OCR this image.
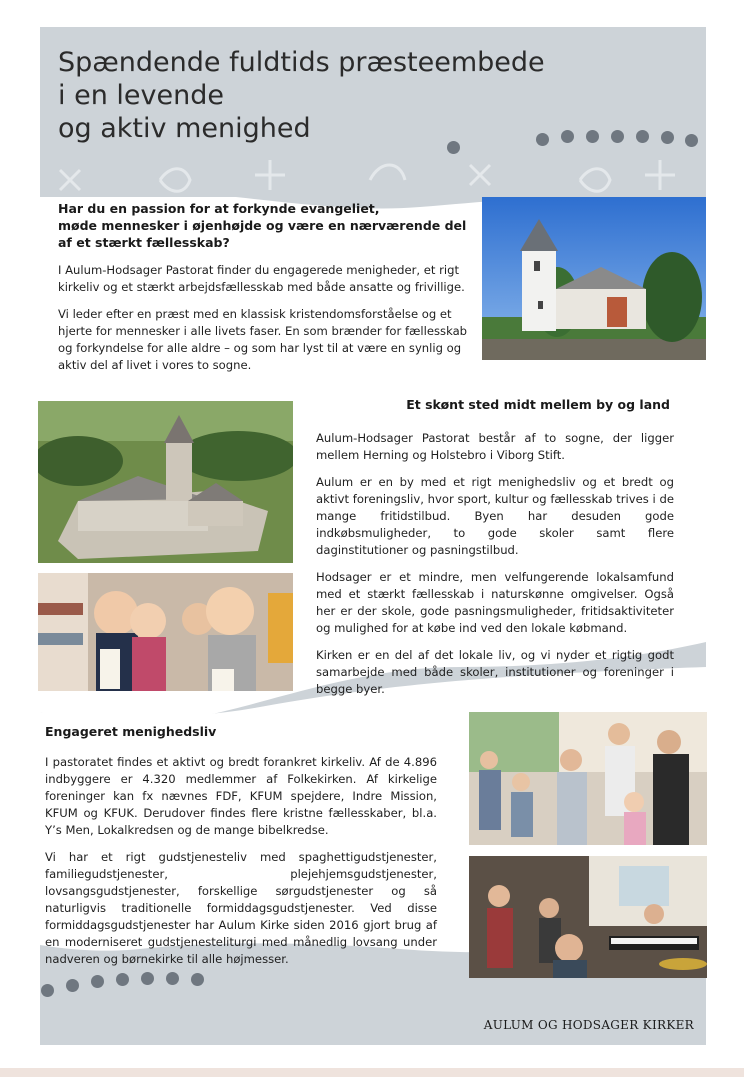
Spændende fuldtids præsteembede
i en levende
og aktiv menighed
Har du en passion for at forkynde evangeliet,
møde mennesker i øjenhøjde og være en nærværende del
af et stærkt fællesskab?

I Aulum-Hodsager Pastorat finder du engagerede menigheder, et rigt kirkeliv og et stærkt arbejdsfællesskab med både ansatte og frivillige.

Vi leder efter en præst med en klassisk kristendomsforståelse og et hjerte for mennesker i alle livets faser. En som brænder for fællesskab og forkyndelse for alle aldre – og som har lyst til at være en synlig og aktiv del af livet i vores to sogne.

Et skønt sted midt mellem by og land

Aulum-Hodsager Pastorat består af to sogne, der ligger mellem Herning og Holstebro i Viborg Stift.

Aulum er en by med et rigt menighedsliv og et bredt og aktivt foreningsliv, hvor sport, kultur og fællesskab trives i de mange fritidstilbud. Byen har desuden gode indkøbsmuligheder, to gode skoler samt flere daginstitutioner og pasningstilbud.

Hodsager er et mindre, men velfungerende lokalsamfund med et stærkt fællesskab i naturskønne omgivelser. Også her er der skole, gode pasningsmuligheder, fritidsaktiviteter og mulighed for at købe ind ved den lokale købmand.

Kirken er en del af det lokale liv, og vi nyder et rigtig godt samarbejde med både skoler, institutioner og foreninger i begge byer.

Engageret menighedsliv

I pastoratet findes et aktivt og bredt forankret kirkeliv. Af de 4.896 indbyggere er 4.320 medlemmer af Folkekirken. Af kirkelige foreninger kan fx nævnes FDF, KFUM spejdere, Indre Mission, KFUM og KFUK. Derudover findes flere kristne fællesskaber, bl.a. Y’s Men, Lokalkredsen og de mange bibelkredse.

Vi har et rigt gudstjenesteliv med spaghettigudstjenester, familiegudstjenester, plejehjemsgudstjenester, lovsangsgudstjenester, forskellige sørgudstjenester og så naturligvis traditionelle formiddagsgudstjenester. Ved disse formiddagsgudstjenester har Aulum Kirke siden 2016 gjort brug af en moderniseret gudstjenesteliturgi med månedlig lovsang under nadveren og børnekirke til alle højmesser.

AULUM OG HODSAGER KIRKER
